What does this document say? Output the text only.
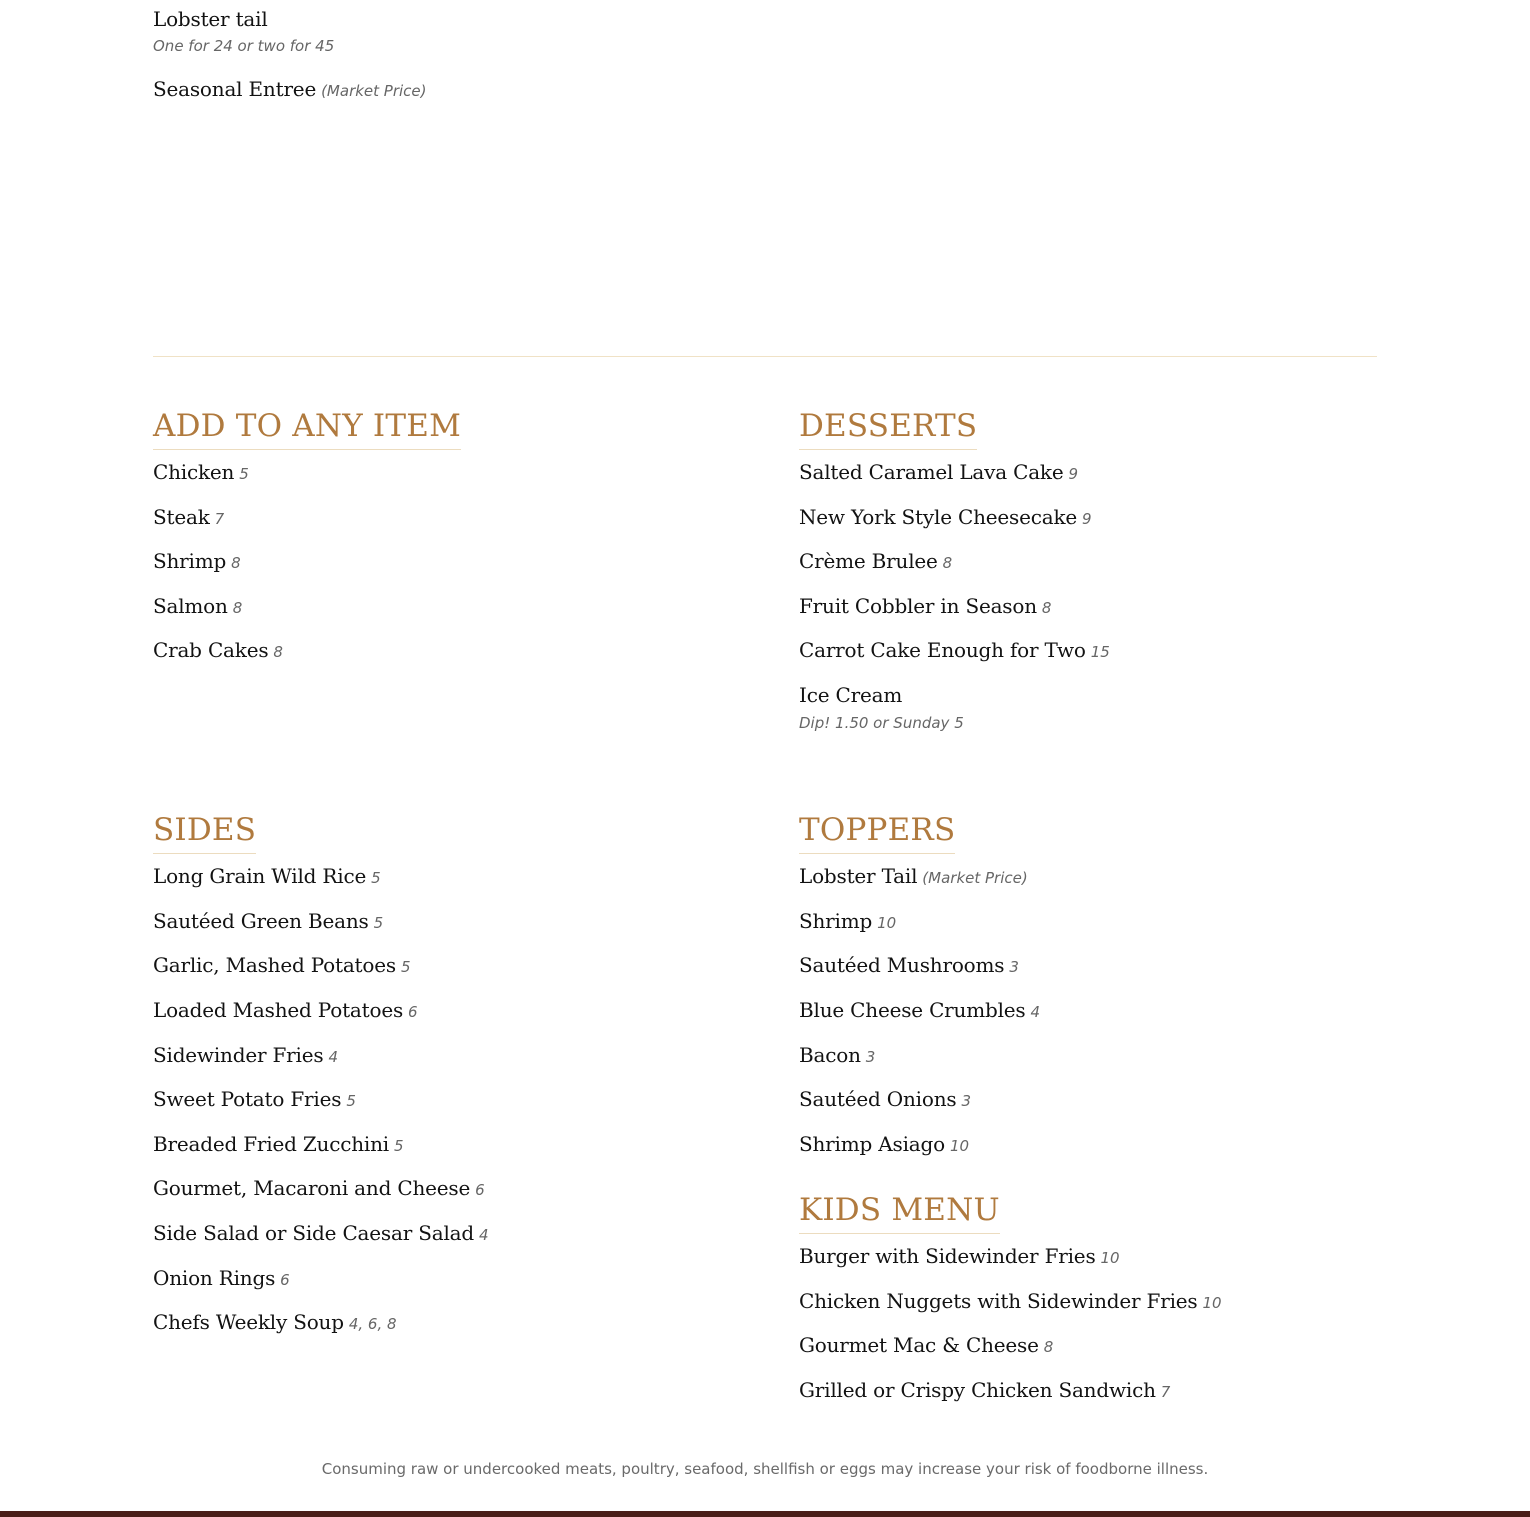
Lobster tail
One for 24 or two for 45
Seasonal Entree (Market Price)
ADD TO ANY ITEM
Chicken 5
Steak 7
Shrimp 8
Salmon 8
Crab Cakes 8
DESSERTS
Salted Caramel Lava Cake 9
New York Style Cheesecake 9
Crème Brulee 8
Fruit Cobbler in Season 8
Carrot Cake Enough for Two 15
Ice Cream
Dip! 1.50 or Sunday 5
SIDES
Long Grain Wild Rice 5
Sautéed Green Beans 5
Garlic, Mashed Potatoes 5
Loaded Mashed Potatoes 6
Sidewinder Fries 4
Sweet Potato Fries 5
Breaded Fried Zucchini 5
Gourmet, Macaroni and Cheese 6
Side Salad or Side Caesar Salad 4
Onion Rings 6
Chefs Weekly Soup 4, 6, 8
TOPPERS
Lobster Tail (Market Price)
Shrimp 10
Sautéed Mushrooms 3
Blue Cheese Crumbles 4
Bacon 3
Sautéed Onions 3
Shrimp Asiago 10
KIDS MENU
Burger with Sidewinder Fries 10
Chicken Nuggets with Sidewinder Fries 10
Gourmet Mac & Cheese 8
Grilled or Crispy Chicken Sandwich 7
Consuming raw or undercooked meats, poultry, seafood, shellfish or eggs may increase your risk of foodborne illness.
